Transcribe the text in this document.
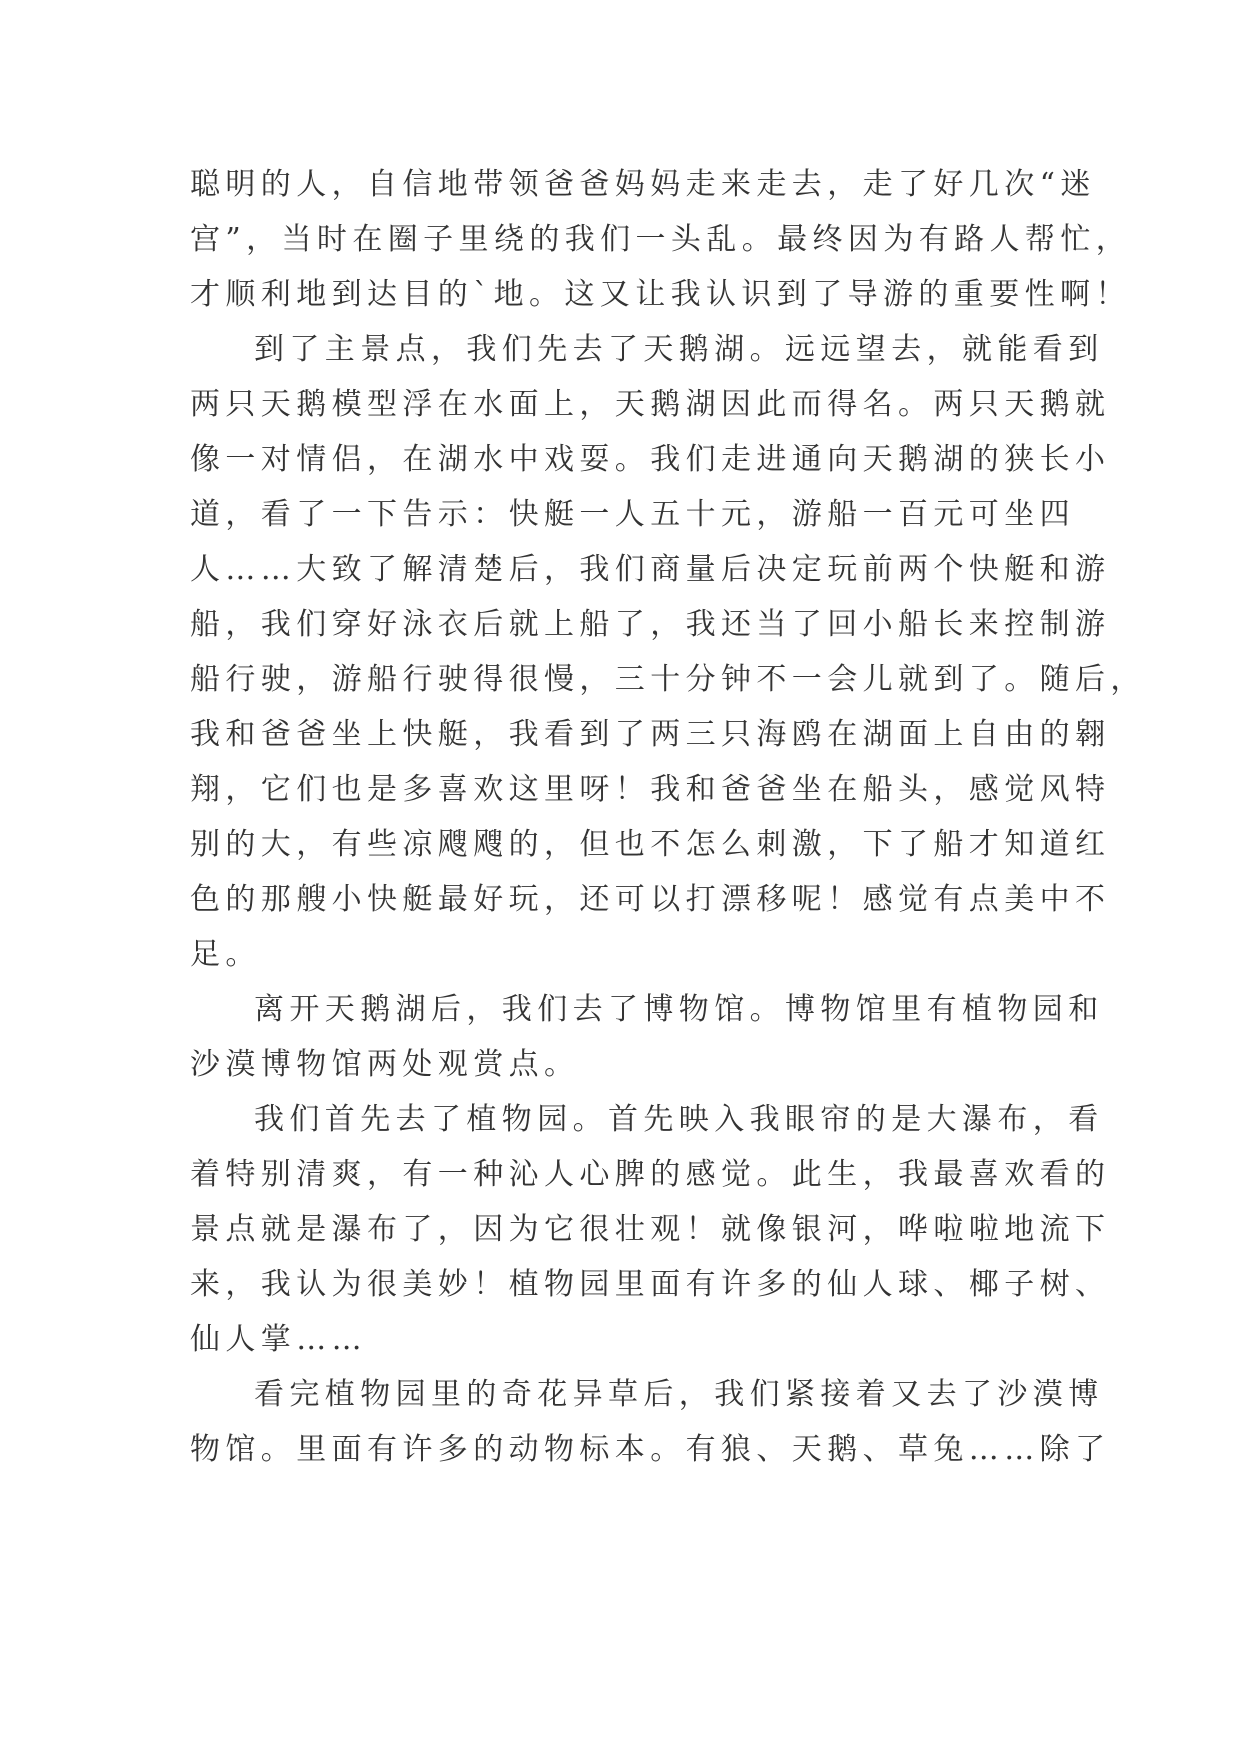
聪明的人，自信地带领爸爸妈妈走来走去，走了好几次“迷
宫”，当时在圈子里绕的我们一头乱。最终因为有路人帮忙，
才顺利地到达目的`地。这又让我认识到了导游的重要性啊！
到了主景点，我们先去了天鹅湖。远远望去，就能看到
两只天鹅模型浮在水面上，天鹅湖因此而得名。两只天鹅就
像一对情侣，在湖水中戏耍。我们走进通向天鹅湖的狭长小
道，看了一下告示：快艇一人五十元，游船一百元可坐四
人……大致了解清楚后，我们商量后决定玩前两个快艇和游
船，我们穿好泳衣后就上船了，我还当了回小船长来控制游
船行驶，游船行驶得很慢，三十分钟不一会儿就到了。随后，
我和爸爸坐上快艇，我看到了两三只海鸥在湖面上自由的翱
翔，它们也是多喜欢这里呀！我和爸爸坐在船头，感觉风特
别的大，有些凉飕飕的，但也不怎么刺激，下了船才知道红
色的那艘小快艇最好玩，还可以打漂移呢！感觉有点美中不
足。
离开天鹅湖后，我们去了博物馆。博物馆里有植物园和
沙漠博物馆两处观赏点。
我们首先去了植物园。首先映入我眼帘的是大瀑布，看
着特别清爽，有一种沁人心脾的感觉。此生，我最喜欢看的
景点就是瀑布了，因为它很壮观！就像银河，哗啦啦地流下
来，我认为很美妙！植物园里面有许多的仙人球、椰子树、
仙人掌……
看完植物园里的奇花异草后，我们紧接着又去了沙漠博
物馆。里面有许多的动物标本。有狼、天鹅、草兔……除了
